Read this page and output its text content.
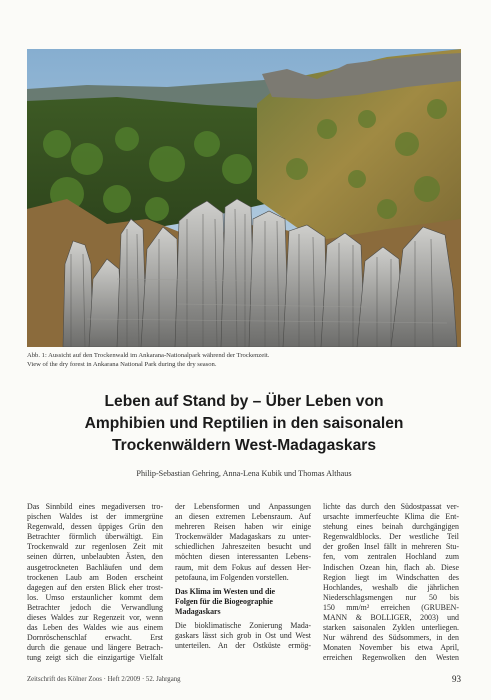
Abb. 1: Aussicht auf den Trockenwald im Ankarana-Nationalpark während der Trockenzeit.
View of the dry forest in Ankarana National Park during the dry season.
Leben auf Stand by – Über Leben von
Amphibien und Reptilien in den saisonalen
Trockenwäldern West-Madagaskars
Philip-Sebastian Gehring, Anna-Lena Kubik und Thomas Althaus
Das Sinnbild eines megadiversen tro-
pischen Waldes ist der immergrüne
Regenwald, dessen üppiges Grün den
Betrachter förmlich überwältigt. Ein
Trockenwald zur regenlosen Zeit mit
seinen dürren, unbelaubten Ästen, den
ausgetrockneten Bachläufen und dem
trockenen Laub am Boden erscheint
dagegen auf den ersten Blick eher trost-
los. Umso erstaunlicher kommt dem
Betrachter jedoch die Verwandlung
dieses Waldes zur Regenzeit vor, wenn
das Leben des Waldes wie aus einem
Dornröschenschlaf erwacht. Erst
durch die genaue und längere Betrach-
tung zeigt sich die einzigartige Vielfalt
der Lebensformen und Anpassungen
an diesen extremen Lebensraum. Auf
mehreren Reisen haben wir einige
Trockenwälder Madagaskars zu unter-
schiedlichen Jahreszeiten besucht und
möchten diesen interessanten Lebens-
raum, mit dem Fokus auf dessen Her-
petofauna, im Folgenden vorstellen.
Das Klima im Westen und die
Folgen für die Biogeographie
Madagaskars
Die bioklimatische Zonierung Mada-
gaskars lässt sich grob in Ost und West
unterteilen. An der Ostküste ermög-
lichte das durch den Südostpassat ver-
ursachte immerfeuchte Klima die Ent-
stehung eines beinah durchgängigen
Regenwaldblocks. Der westliche Teil
der großen Insel fällt in mehreren Stu-
fen, vom zentralen Hochland zum
Indischen Ozean hin, flach ab. Diese
Region liegt im Windschatten des
Hochlandes, weshalb die jährlichen
Niederschlagsmengen nur 50 bis
150 mm/m² erreichen (GRUBEN-
MANN & BOLLIGER, 2003) und
starken saisonalen Zyklen unterliegen.
Nur während des Südsommers, in den
Monaten November bis etwa April,
erreichen Regenwolken den Westen
Zeitschrift des Kölner Zoos · Heft 2/2009 · 52. Jahrgang	93
